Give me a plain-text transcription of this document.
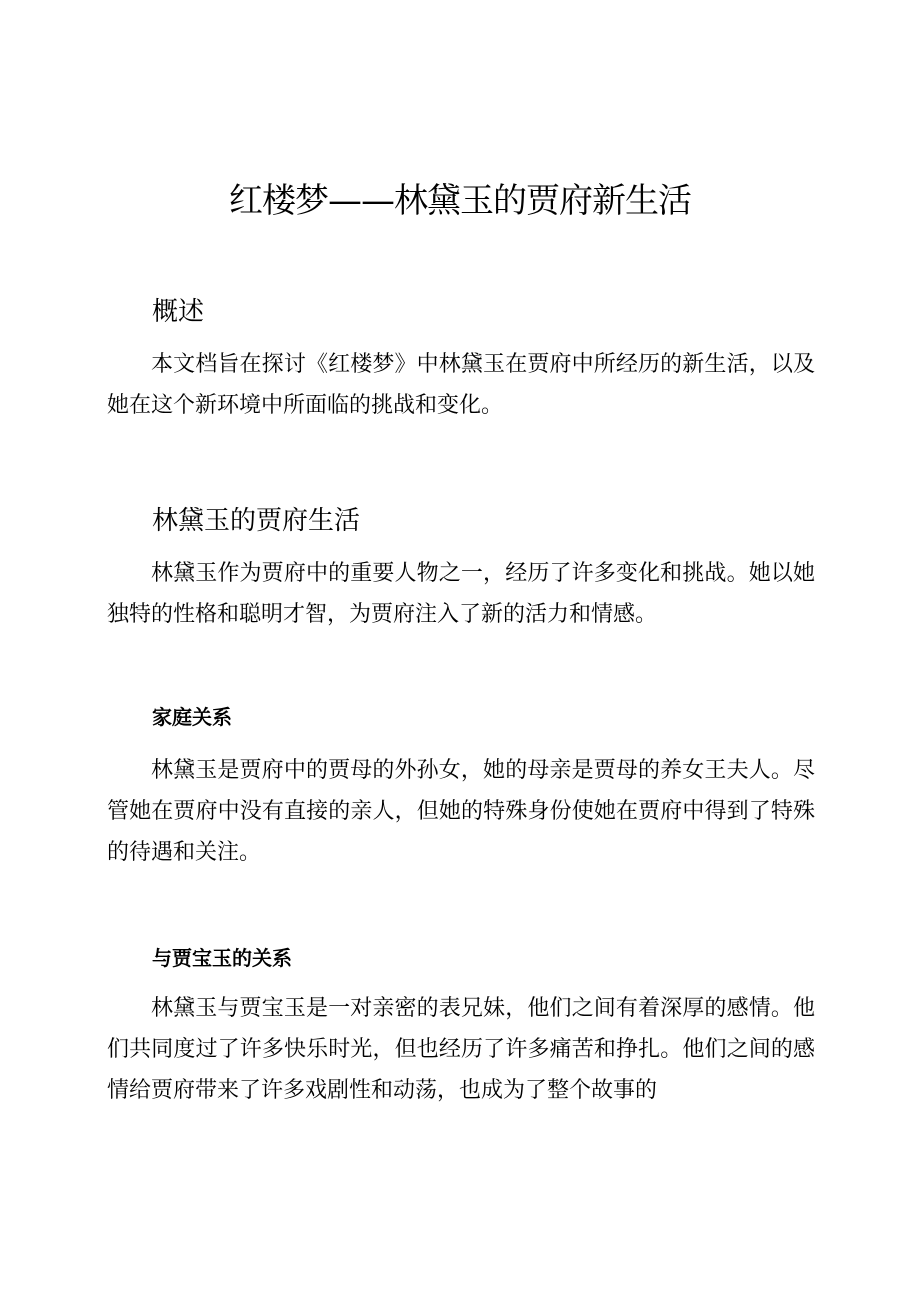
红楼梦——林黛玉的贾府新生活
概述

本文档旨在探讨《红楼梦》中林黛玉在贾府中所经历的新生活，以及她在这个新环境中所面临的挑战和变化。

林黛玉的贾府生活

林黛玉作为贾府中的重要人物之一，经历了许多变化和挑战。她以她独特的性格和聪明才智，为贾府注入了新的活力和情感。

家庭关系

林黛玉是贾府中的贾母的外孙女，她的母亲是贾母的养女王夫人。尽管她在贾府中没有直接的亲人，但她的特殊身份使她在贾府中得到了特殊的待遇和关注。

与贾宝玉的关系

林黛玉与贾宝玉是一对亲密的表兄妹，他们之间有着深厚的感情。他们共同度过了许多快乐时光，但也经历了许多痛苦和挣扎。他们之间的感情给贾府带来了许多戏剧性和动荡，也成为了整个故事的
